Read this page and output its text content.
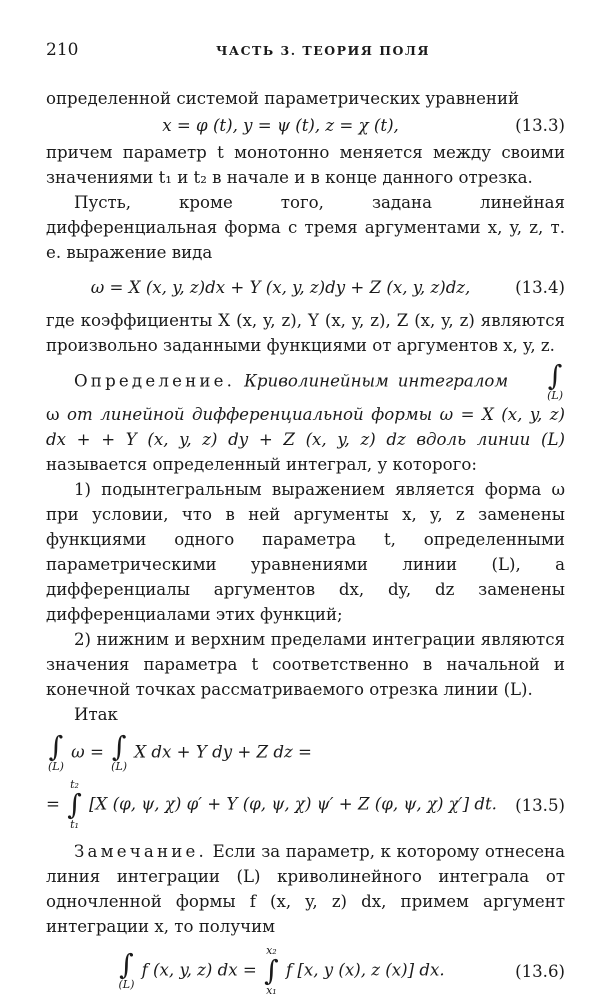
210	ЧАСТЬ 3. ТЕОРИЯ ПОЛЯ

определенной системой параметрических уравнений

x = φ (t), y = ψ (t), z = χ (t),	(13.3)

причем параметр t монотонно меняется между своими значениями t₁ и t₂ в начале и в конце данного отрезка.

Пусть, кроме того, задана линейная дифференциальная форма с тремя аргументами x, y, z, т. е. выражение вида

ω = X (x, y, z)dx + Y (x, y, z)dy + Z (x, y, z)dz,	(13.4)

где коэффициенты X (x, y, z), Y (x, y, z), Z (x, y, z) являются произвольно заданными функциями от аргументов x, y, z.

Определение. Криволинейным интегралом	∫
(L)
ω от линейной дифференциальной формы ω = X (x, y, z) dx + + Y (x, y, z) dy + Z (x, y, z) dz вдоль линии (L) называется определенный интеграл, у которого:

1) подынтегральным выражением является форма ω при условии, что в ней аргументы x, y, z заменены функциями одного параметра t, определенными параметрическими уравнениями линии (L), а дифференциалы аргументов dx, dy, dz заменены дифференциалами этих функций;

2) нижним и верхним пределами интеграции являются значения параметра t соответственно в начальной и конечной точках рассматриваемого отрезка линии (L).

Итак

∫
(L)
ω = ∫
(L)
X dx + Y dy + Z dz =
=
t₂
∫
t₁
[X (φ, ψ, χ) φ′ + Y (φ, ψ, χ) ψ′ + Z (φ, ψ, χ) χ′] dt.	(13.5)

Замечание. Если за параметр, к которому отнесена линия интеграции (L) криволинейного интеграла от одночленной формы f (x, y, z) dx, примем аргумент интеграции x, то получим

∫
(L)
f (x, y, z) dx =
x₂
∫
x₁
f [x, y (x), z (x)] dx.	(13.6)
